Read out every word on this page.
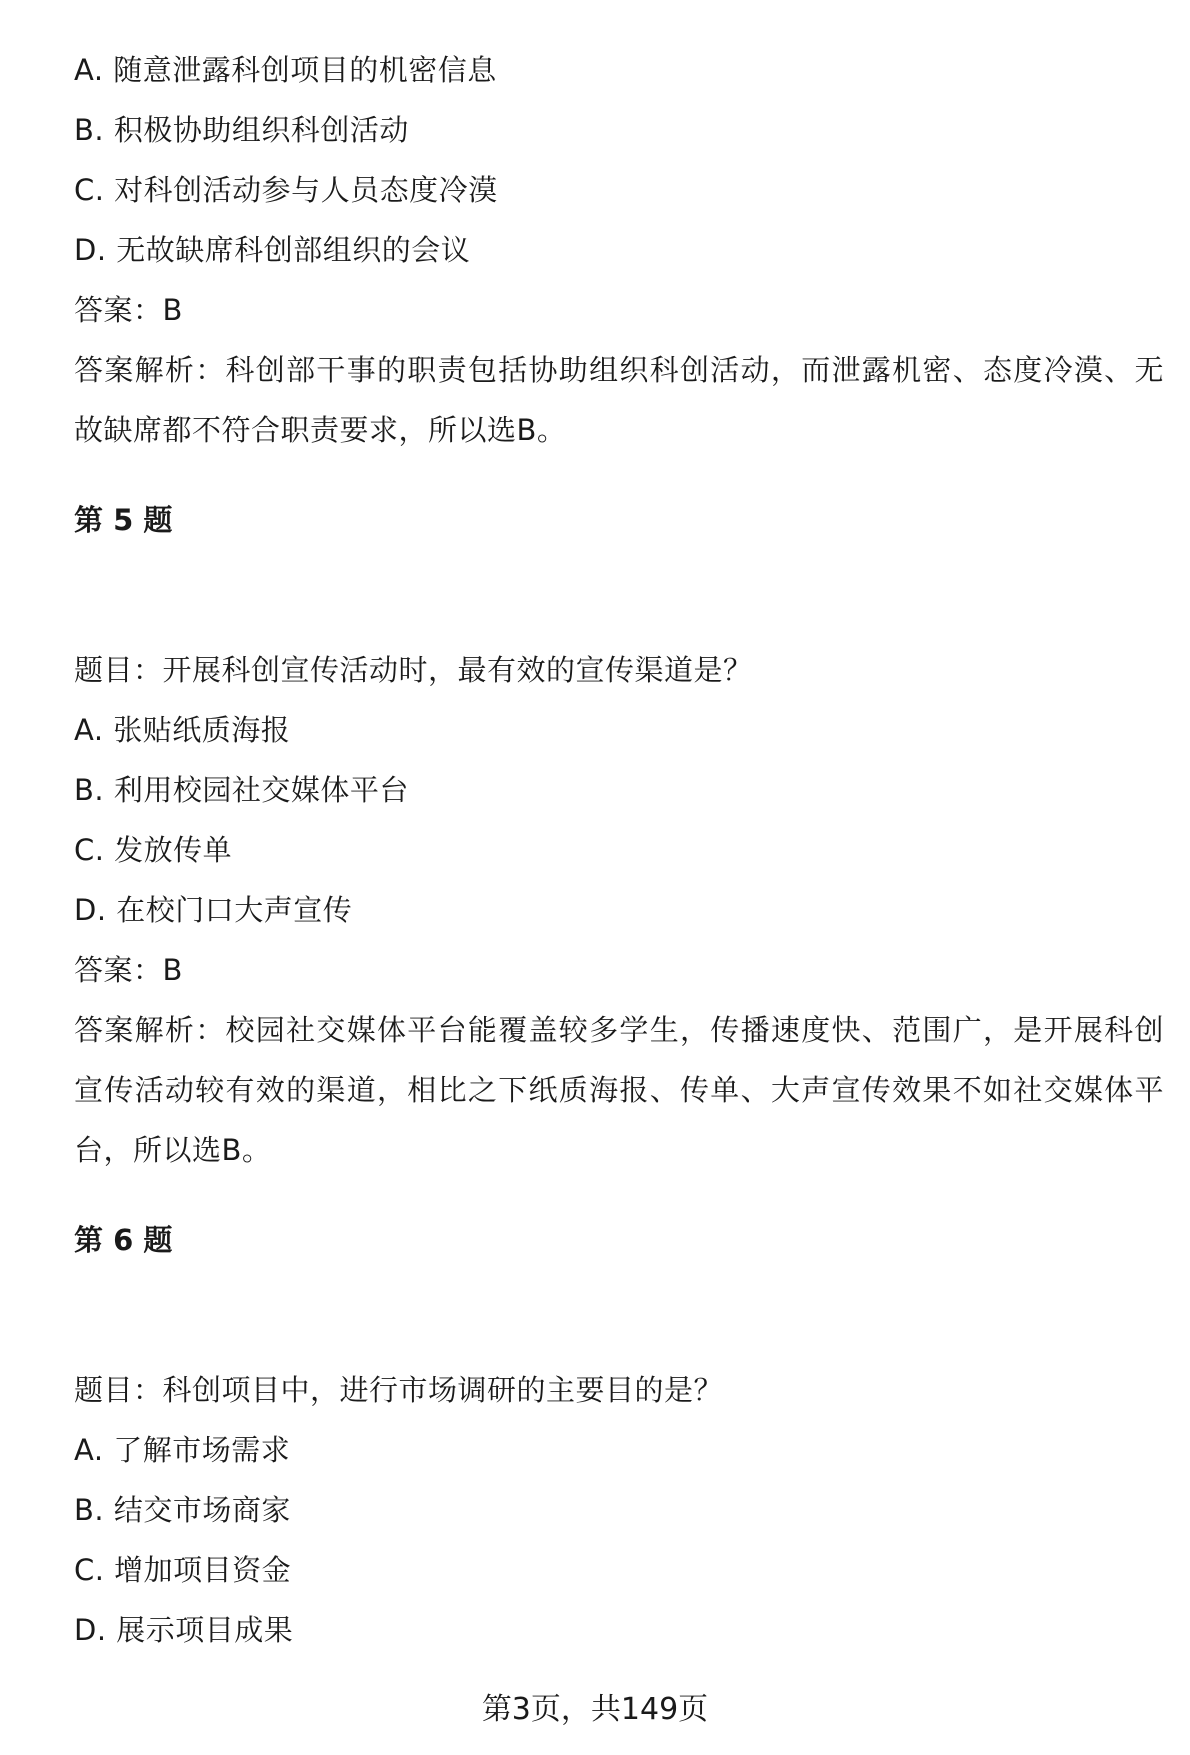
A. 随意泄露科创项目的机密信息
B. 积极协助组织科创活动
C. 对科创活动参与人员态度冷漠
D. 无故缺席科创部组织的会议
答案：B
答案解析：科创部干事的职责包括协助组织科创活动，而泄露机密、态度冷漠、无故缺席都不符合职责要求，所以选B。
第 5 题
题目：开展科创宣传活动时，最有效的宣传渠道是？
A. 张贴纸质海报
B. 利用校园社交媒体平台
C. 发放传单
D. 在校门口大声宣传
答案：B
答案解析：校园社交媒体平台能覆盖较多学生，传播速度快、范围广，是开展科创宣传活动较有效的渠道，相比之下纸质海报、传单、大声宣传效果不如社交媒体平台，所以选B。
第 6 题
题目：科创项目中，进行市场调研的主要目的是？
A. 了解市场需求
B. 结交市场商家
C. 增加项目资金
D. 展示项目成果
第3页，共149页
